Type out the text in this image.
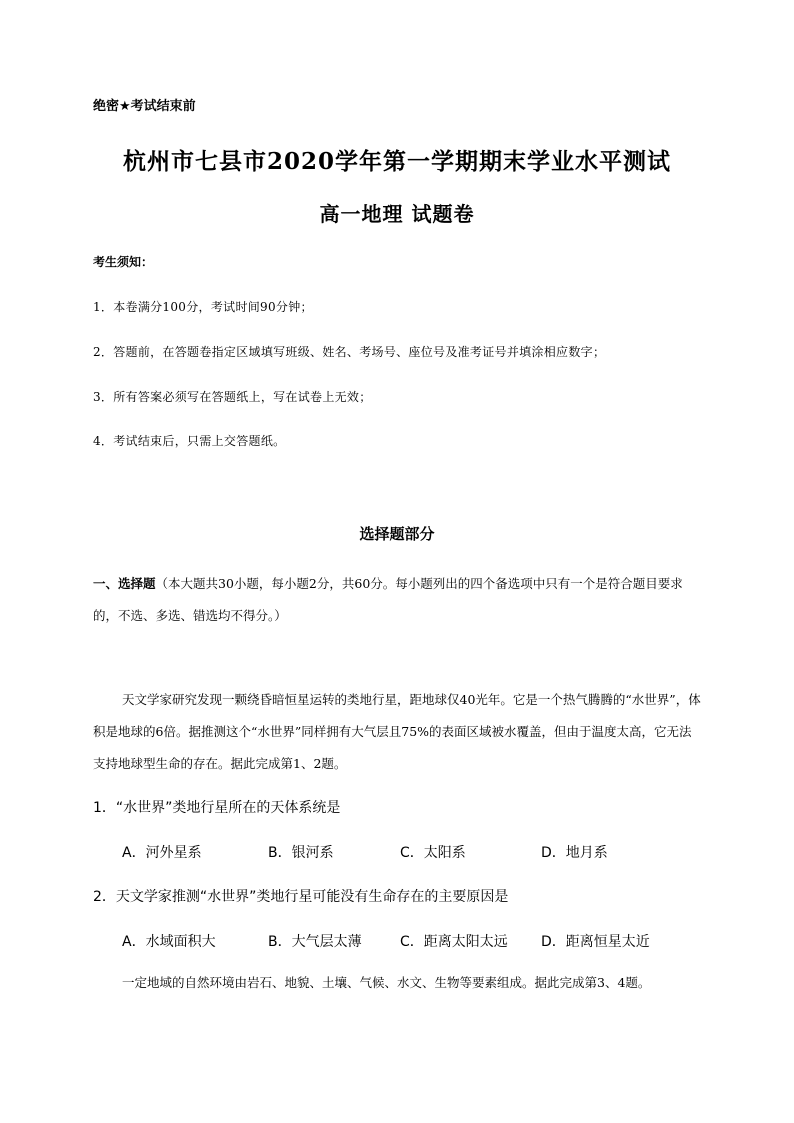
绝密★考试结束前
杭州市七县市2020学年第一学期期末学业水平测试
高一地理 试题卷
考生须知：
1．本卷满分100分，考试时间90分钟；
2．答题前，在答题卷指定区域填写班级、姓名、考场号、座位号及准考证号并填涂相应数字；
3．所有答案必须写在答题纸上，写在试卷上无效；
4．考试结束后，只需上交答题纸。
选择题部分
一、选择题（本大题共30小题，每小题2分，共60分。每小题列出的四个备选项中只有一个是符合题目要求的，不选、多选、错选均不得分。）
天文学家研究发现一颗绕昏暗恒星运转的类地行星，距地球仅40光年。它是一个热气腾腾的“水世界”，体积是地球的6倍。据推测这个“水世界”同样拥有大气层且75%的表面区域被水覆盖，但由于温度太高，它无法支持地球型生命的存在。据此完成第1、2题。
1．“水世界”类地行星所在的天体系统是
A．河外星系	B．银河系	C．太阳系	D．地月系
2．天文学家推测“水世界”类地行星可能没有生命存在的主要原因是
A．水域面积大	B．大气层太薄	C．距离太阳太远 D．距离恒星太近
一定地域的自然环境由岩石、地貌、土壤、气候、水文、生物等要素组成。据此完成第3、4题。
